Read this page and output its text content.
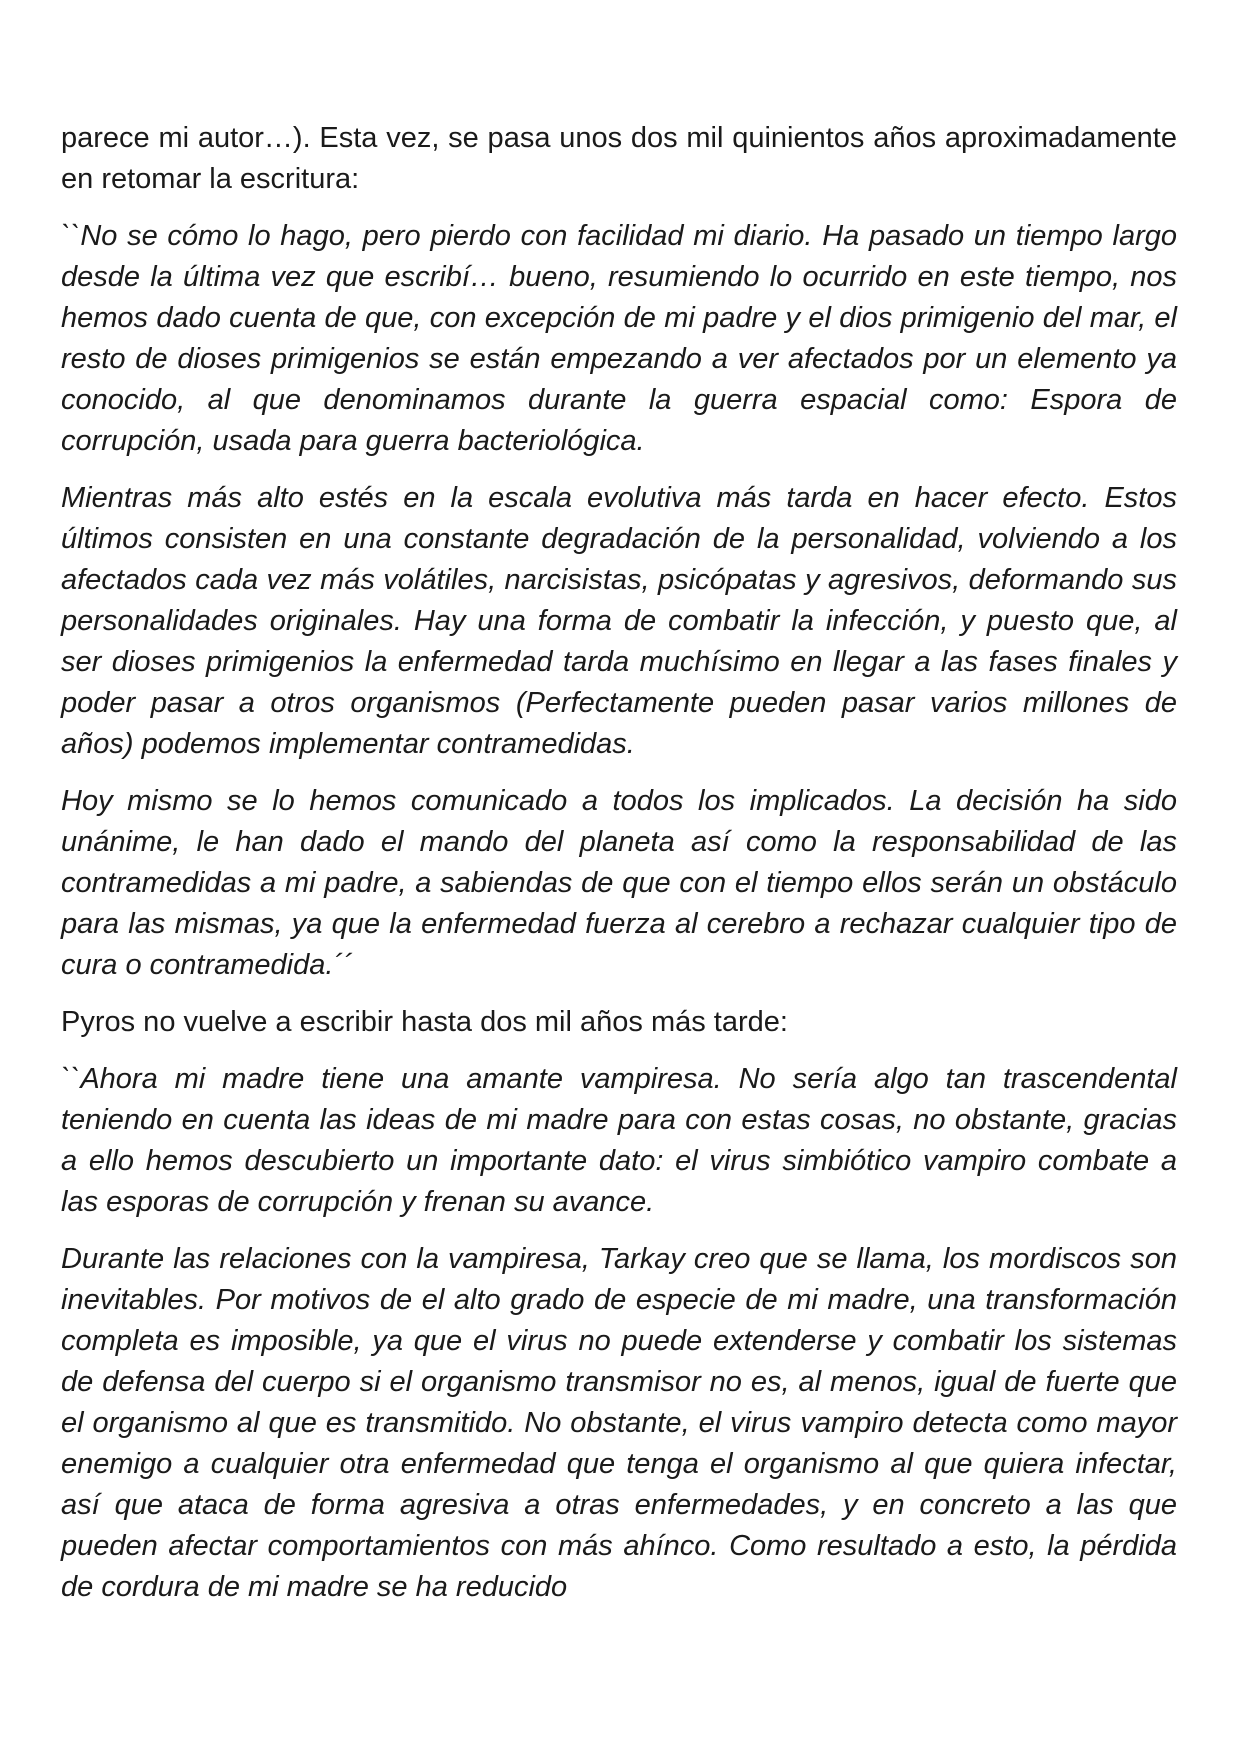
parece mi autor…). Esta vez, se pasa unos dos mil quinientos años aproximadamente en retomar la escritura:

``No se cómo lo hago, pero pierdo con facilidad mi diario. Ha pasado un tiempo largo desde la última vez que escribí… bueno, resumiendo lo ocurrido en este tiempo, nos hemos dado cuenta de que, con excepción de mi padre y el dios primigenio del mar, el resto de dioses primigenios se están empezando a ver afectados por un elemento ya conocido, al que denominamos durante la guerra espacial como: Espora de corrupción, usada para guerra bacteriológica.

Mientras más alto estés en la escala evolutiva más tarda en hacer efecto. Estos últimos consisten en una constante degradación de la personalidad, volviendo a los afectados cada vez más volátiles, narcisistas, psicópatas y agresivos, deformando sus personalidades originales. Hay una forma de combatir la infección, y puesto que, al ser dioses primigenios la enfermedad tarda muchísimo en llegar a las fases finales y poder pasar a otros organismos (Perfectamente pueden pasar varios millones de años) podemos implementar contramedidas.

Hoy mismo se lo hemos comunicado a todos los implicados. La decisión ha sido unánime, le han dado el mando del planeta así como la responsabilidad de las contramedidas a mi padre, a sabiendas de que con el tiempo ellos serán un obstáculo para las mismas, ya que la enfermedad fuerza al cerebro a rechazar cualquier tipo de cura o contramedida.´´

Pyros no vuelve a escribir hasta dos mil años más tarde:

``Ahora mi madre tiene una amante vampiresa. No sería algo tan trascendental teniendo en cuenta las ideas de mi madre para con estas cosas, no obstante, gracias a ello hemos descubierto un importante dato: el virus simbiótico vampiro combate a las esporas de corrupción y frenan su avance.

Durante las relaciones con la vampiresa, Tarkay creo que se llama, los mordiscos son inevitables. Por motivos de el alto grado de especie de mi madre, una transformación completa es imposible, ya que el virus no puede extenderse y combatir los sistemas de defensa del cuerpo si el organismo transmisor no es, al menos, igual de fuerte que el organismo al que es transmitido. No obstante, el virus vampiro detecta como mayor enemigo a cualquier otra enfermedad que tenga el organismo al que quiera infectar, así que ataca de forma agresiva a otras enfermedades, y en concreto a las que pueden afectar comportamientos con más ahínco. Como resultado a esto, la pérdida de cordura de mi madre se ha reducido
